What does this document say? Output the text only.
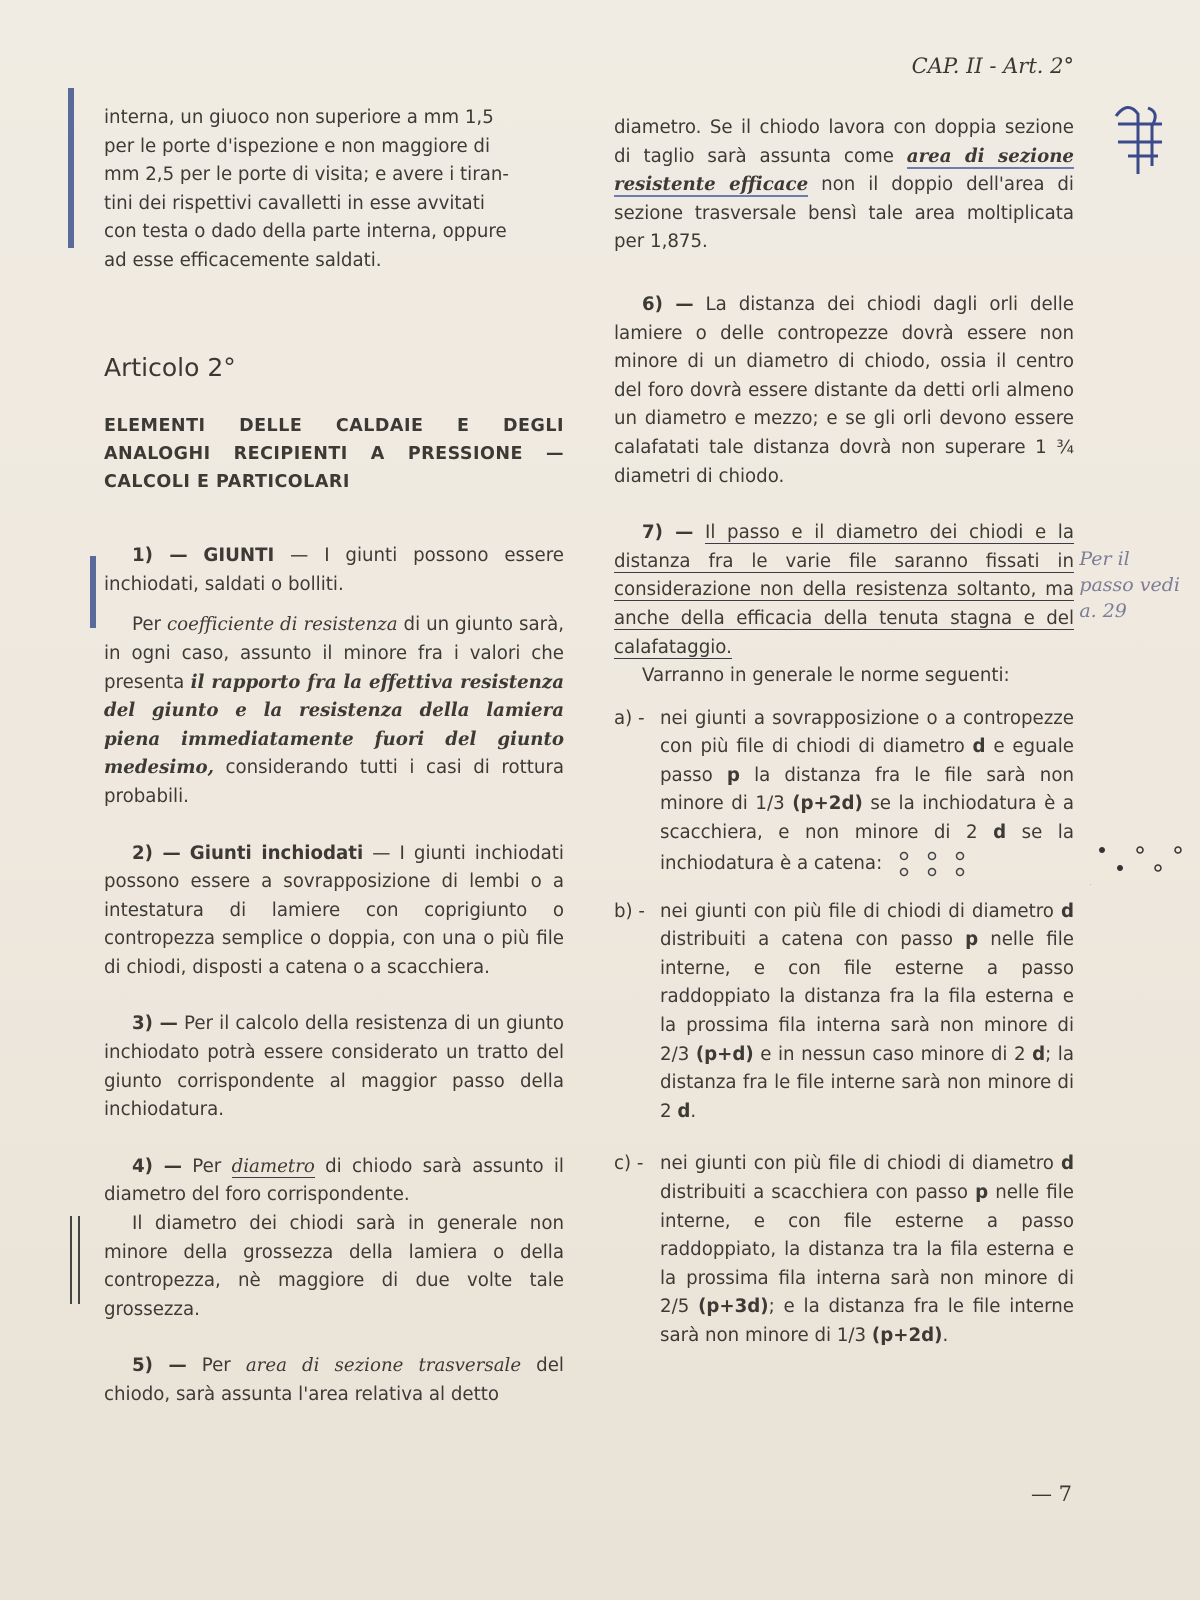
CAP. II - Art. 2°

interna, un giuoco non superiore a mm 1,5
per le porte d'ispezione e non maggiore di
mm 2,5 per le porte di visita; e avere i tiran-
tini dei rispettivi cavalletti in esse avvitati
con testa o dado della parte interna, oppure
ad esse efficacemente saldati.

Articolo 2°

ELEMENTI DELLE CALDAIE E DEGLI

ANALOGHI RECIPIENTI A PRESSIONE —

CALCOLI E PARTICOLARI

1) — GIUNTI — I giunti possono essere inchiodati, saldati o bolliti.

Per coefficiente di resistenza di un giunto sarà, in ogni caso, assunto il minore fra i valori che presenta il rapporto fra la effettiva resistenza del giunto e la resistenza della lamiera piena immediatamente fuori del giunto medesimo, considerando tutti i casi di rottura probabili.

2) — Giunti inchiodati — I giunti inchiodati possono essere a sovrapposizione di lembi o a intestatura di lamiere con coprigiunto o contropezza semplice o doppia, con una o più file di chiodi, disposti a catena o a scacchiera.

3) — Per il calcolo della resistenza di un giunto inchiodato potrà essere considerato un tratto del giunto corrispondente al maggior passo della inchiodatura.

4) — Per diametro di chiodo sarà assunto il diametro del foro corrispondente.

Il diametro dei chiodi sarà in generale non minore della grossezza della lamiera o della contropezza, nè maggiore di due volte tale grossezza.

5) — Per area di sezione trasversale del chiodo, sarà assunta l'area relativa al detto

diametro. Se il chiodo lavora con doppia sezione di taglio sarà assunta come area di sezione resistente efficace non il doppio dell'area di sezione trasversale bensì tale area moltiplicata per 1,875.

6) — La distanza dei chiodi dagli orli delle lamiere o delle contropezze dovrà essere non minore di un diametro di chiodo, ossia il centro del foro dovrà essere distante da detti orli almeno un diametro e mezzo; e se gli orli devono essere calafatati tale distanza dovrà non superare 1 ¾ diametri di chiodo.

7) — Il passo e il diametro dei chiodi e la distanza fra le varie file saranno fissati in considerazione non della resistenza soltanto, ma anche della efficacia della tenuta stagna e del calafataggio.

Varranno in generale le norme seguenti:

a) - nei giunti a sovrapposizione o a contropezze con più file di chiodi di diametro d e eguale passo p la distanza fra le file sarà non minore di 1/3 (p+2d) se la inchiodatura è a scacchiera, e non minore di 2 d se la inchiodatura è a catena:

b) - nei giunti con più file di chiodi di diametro d distribuiti a catena con passo p nelle file interne, e con file esterne a passo raddoppiato la distanza fra la fila esterna e la prossima fila interna sarà non minore di 2/3 (p+d) e in nessun caso minore di 2 d; la distanza fra le file interne sarà non minore di 2 d.

c) - nei giunti con più file di chiodi di diametro d distribuiti a scacchiera con passo p nelle file interne, e con file esterne a passo raddoppiato, la distanza tra la fila esterna e la prossima fila interna sarà non minore di 2/5 (p+3d); e la distanza fra le file interne sarà non minore di 1/3 (p+2d).

Per il
passo vedi
a. 29
— 7
